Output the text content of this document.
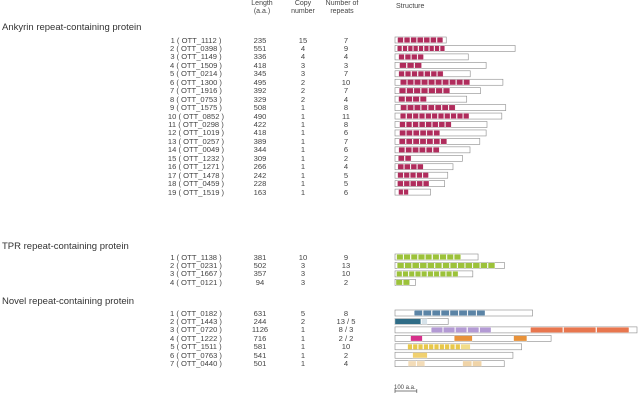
Length
(a.a.)
Copy
number
Number of
repeats
Structure
Ankyrin repeat-containing protein
1 ( OTT_1112 )	235	15	7
2 ( OTT_0398 )	551	4	9
3 ( OTT_1149 )	336	4	4
4 ( OTT_1509 )	418	3	3
5 ( OTT_0214 )	345	3	7
6 ( OTT_1300 )	495	2	10
7 ( OTT_1916 )	392	2	7
8 ( OTT_0753 )	329	2	4
9 ( OTT_1575 )	508	1	8
10 ( OTT_0852 )	490	1	11
11 ( OTT_0298 )	422	1	8
12 ( OTT_1019 )	418	1	6
13 ( OTT_0257 )	389	1	7
14 ( OTT_0049 )	344	1	6
15 ( OTT_1232 )	309	1	2
16 ( OTT_1271 )	266	1	4
17 ( OTT_1478 )	242	1	5
18 ( OTT_0459 )	228	1	5
19 ( OTT_1519 )	163	1	6
TPR repeat-containing protein
1 ( OTT_1138 )	381	10	9
2 ( OTT_0231 )	502	3	13
3 ( OTT_1667 )	357	3	10
4 ( OTT_0121 )	94	3	2
Novel repeat-containing protein
1 ( OTT_0182 )	631	5	8
2 ( OTT_1443 )	244	2	13 / 5
3 ( OTT_0720 )	1126	1	8 / 3
4 ( OTT_1222 )	716	1	2 / 2
5 ( OTT_1511 )	581	1	10
6 ( OTT_0763 )	541	1	2
7 ( OTT_0440 )	501	1	4
100 a.a.
